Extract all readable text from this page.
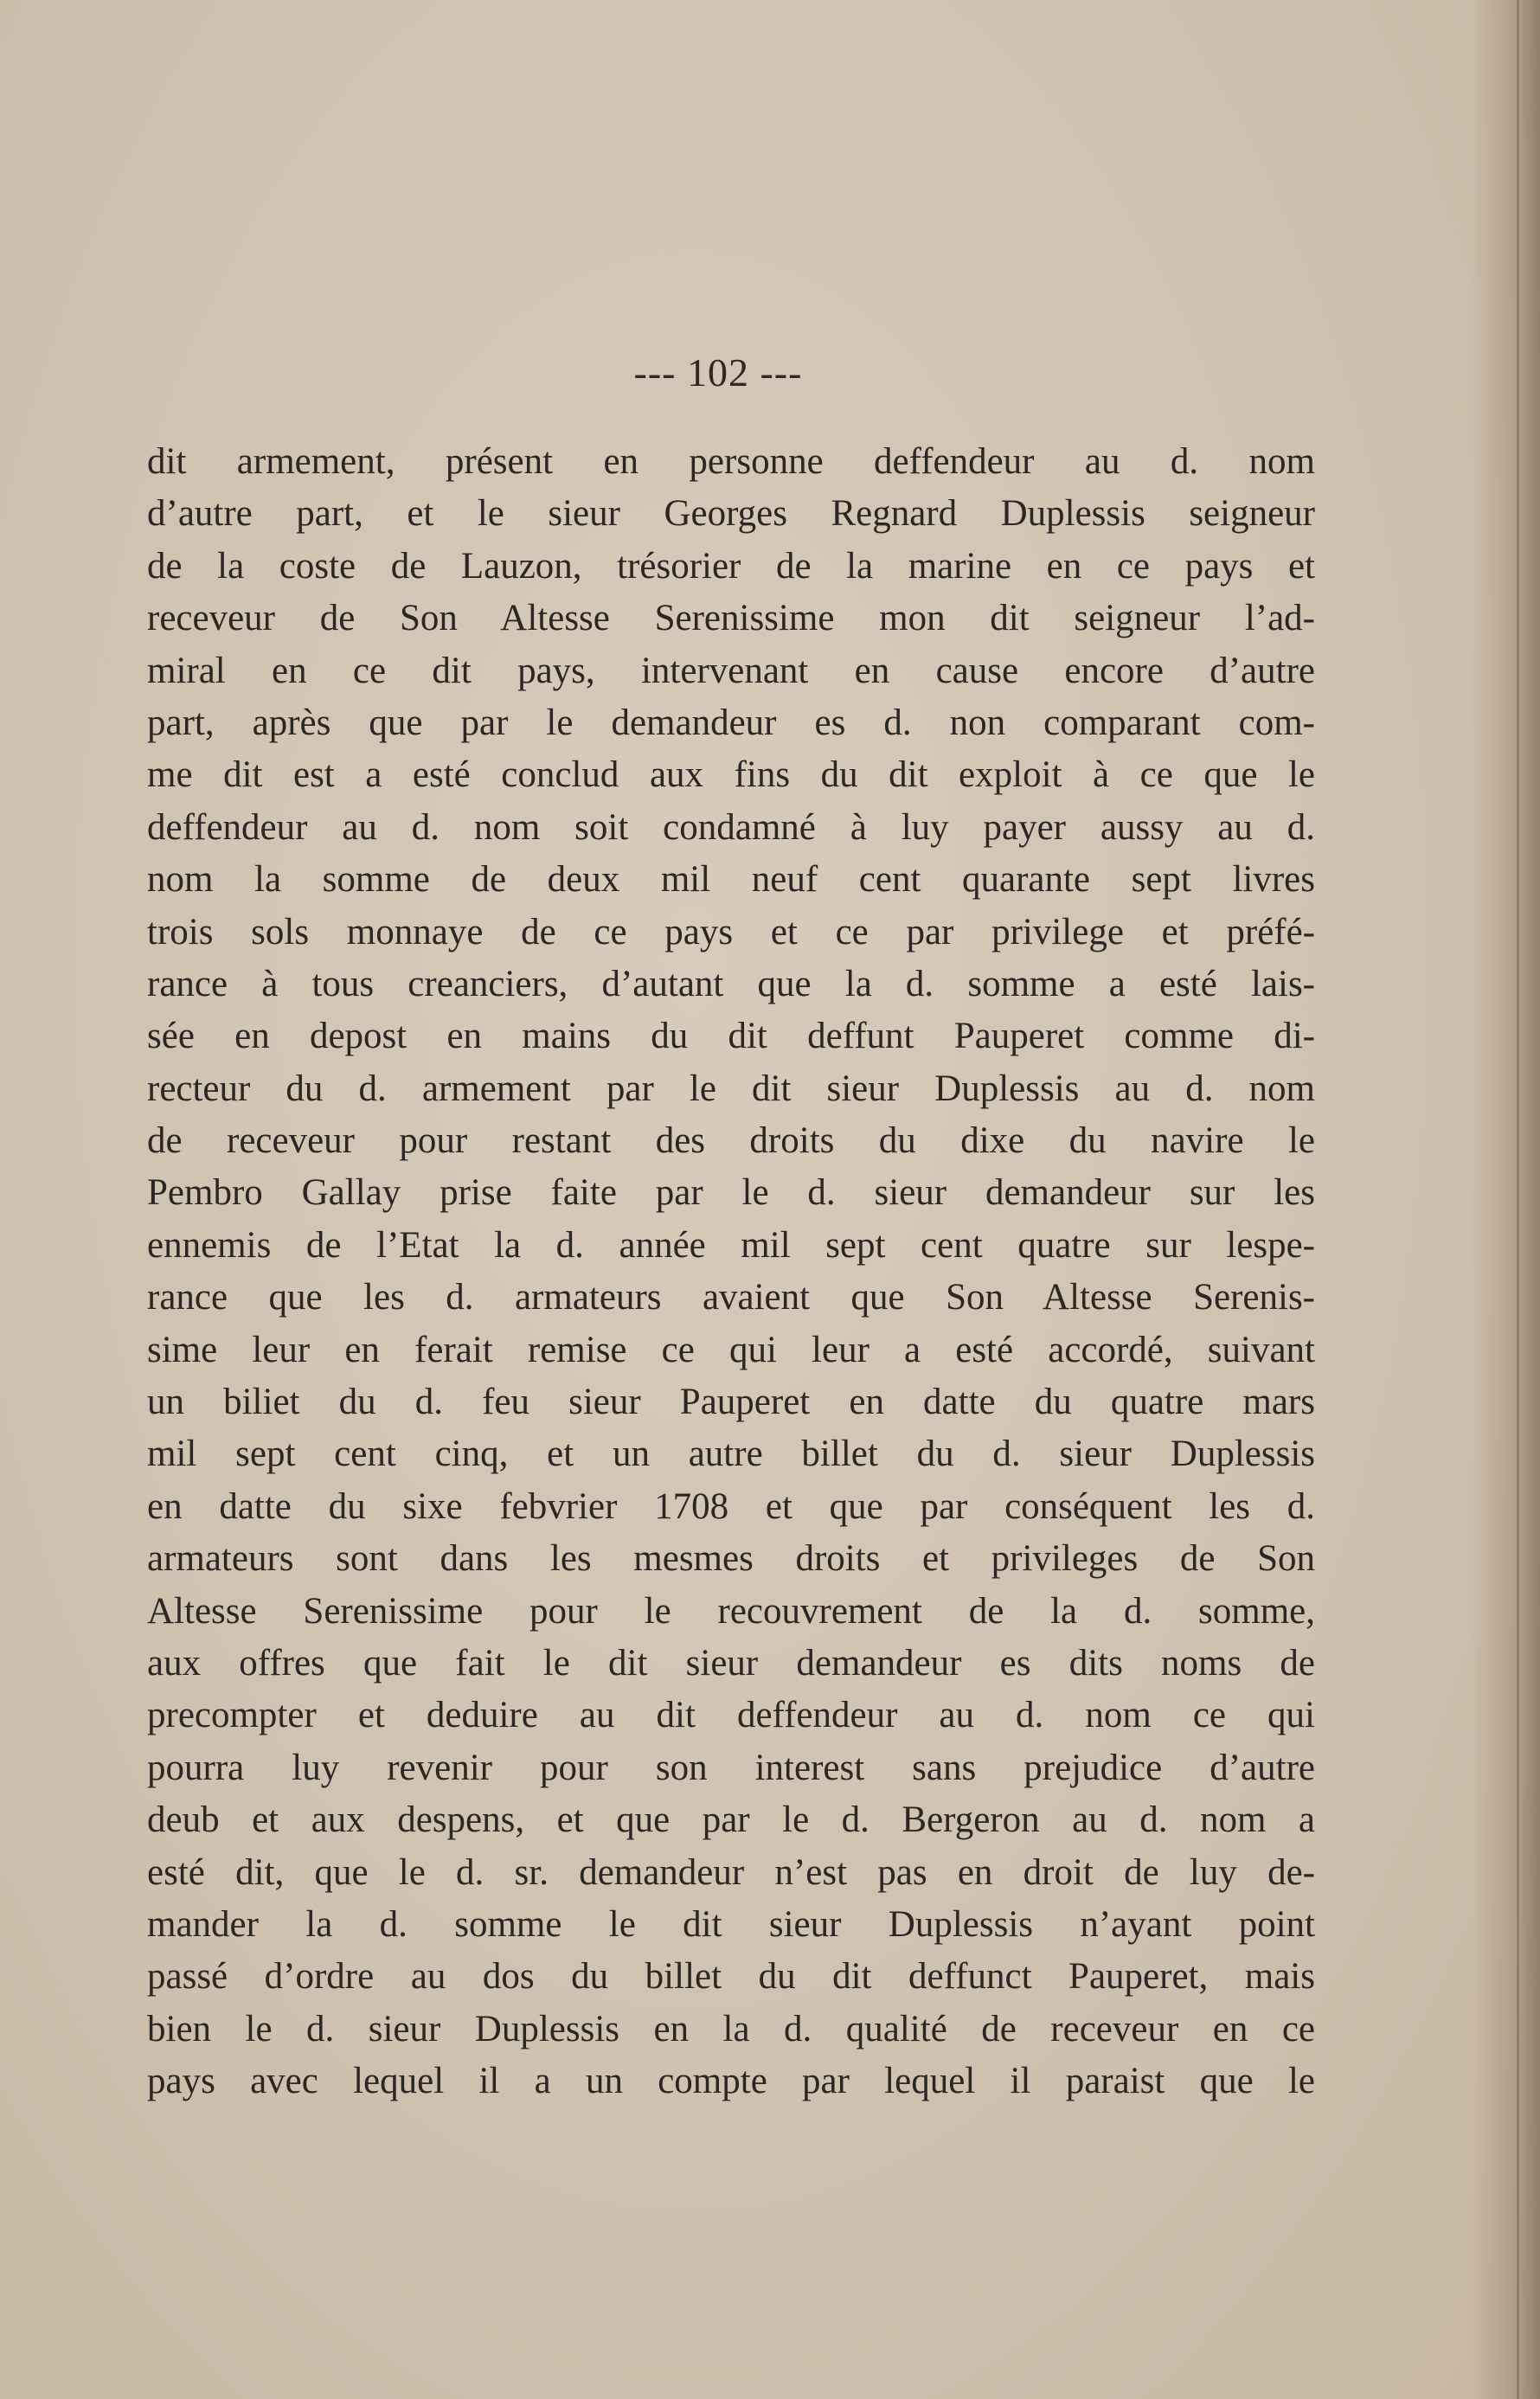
--- 102 ---
dit armement, présent en personne deffendeur au d. nom
d’autre part, et le sieur Georges Regnard Duplessis seigneur
de la coste de Lauzon, trésorier de la marine en ce pays et
receveur de Son Altesse Serenissime mon dit seigneur l’ad-
miral en ce dit pays, intervenant en cause encore d’autre
part, après que par le demandeur es d. non comparant com-
me dit est a esté conclud aux fins du dit exploit à ce que le
deffendeur au d. nom soit condamné à luy payer aussy au d.
nom la somme de deux mil neuf cent quarante sept livres
trois sols monnaye de ce pays et ce par privilege et préfé-
rance à tous creanciers, d’autant que la d. somme a esté lais-
sée en depost en mains du dit deffunt Pauperet comme di-
recteur du d. armement par le dit sieur Duplessis au d. nom
de receveur pour restant des droits du dixe du navire le
Pembro Gallay prise faite par le d. sieur demandeur sur les
ennemis de l’Etat la d. année mil sept cent quatre sur lespe-
rance que les d. armateurs avaient que Son Altesse Serenis-
sime leur en ferait remise ce qui leur a esté accordé, suivant
un biliet du d. feu sieur Pauperet en datte du quatre mars
mil sept cent cinq, et un autre billet du d. sieur Duplessis
en datte du sixe febvrier 1708 et que par conséquent les d.
armateurs sont dans les mesmes droits et privileges de Son
Altesse Serenissime pour le recouvrement de la d. somme,
aux offres que fait le dit sieur demandeur es dits noms de
precompter et deduire au dit deffendeur au d. nom ce qui
pourra luy revenir pour son interest sans prejudice d’autre
deub et aux despens, et que par le d. Bergeron au d. nom a
esté dit, que le d. sr. demandeur n’est pas en droit de luy de-
mander la d. somme le dit sieur Duplessis n’ayant point
passé d’ordre au dos du billet du dit deffunct Pauperet, mais
bien le d. sieur Duplessis en la d. qualité de receveur en ce
pays avec lequel il a un compte par lequel il paraist que le
